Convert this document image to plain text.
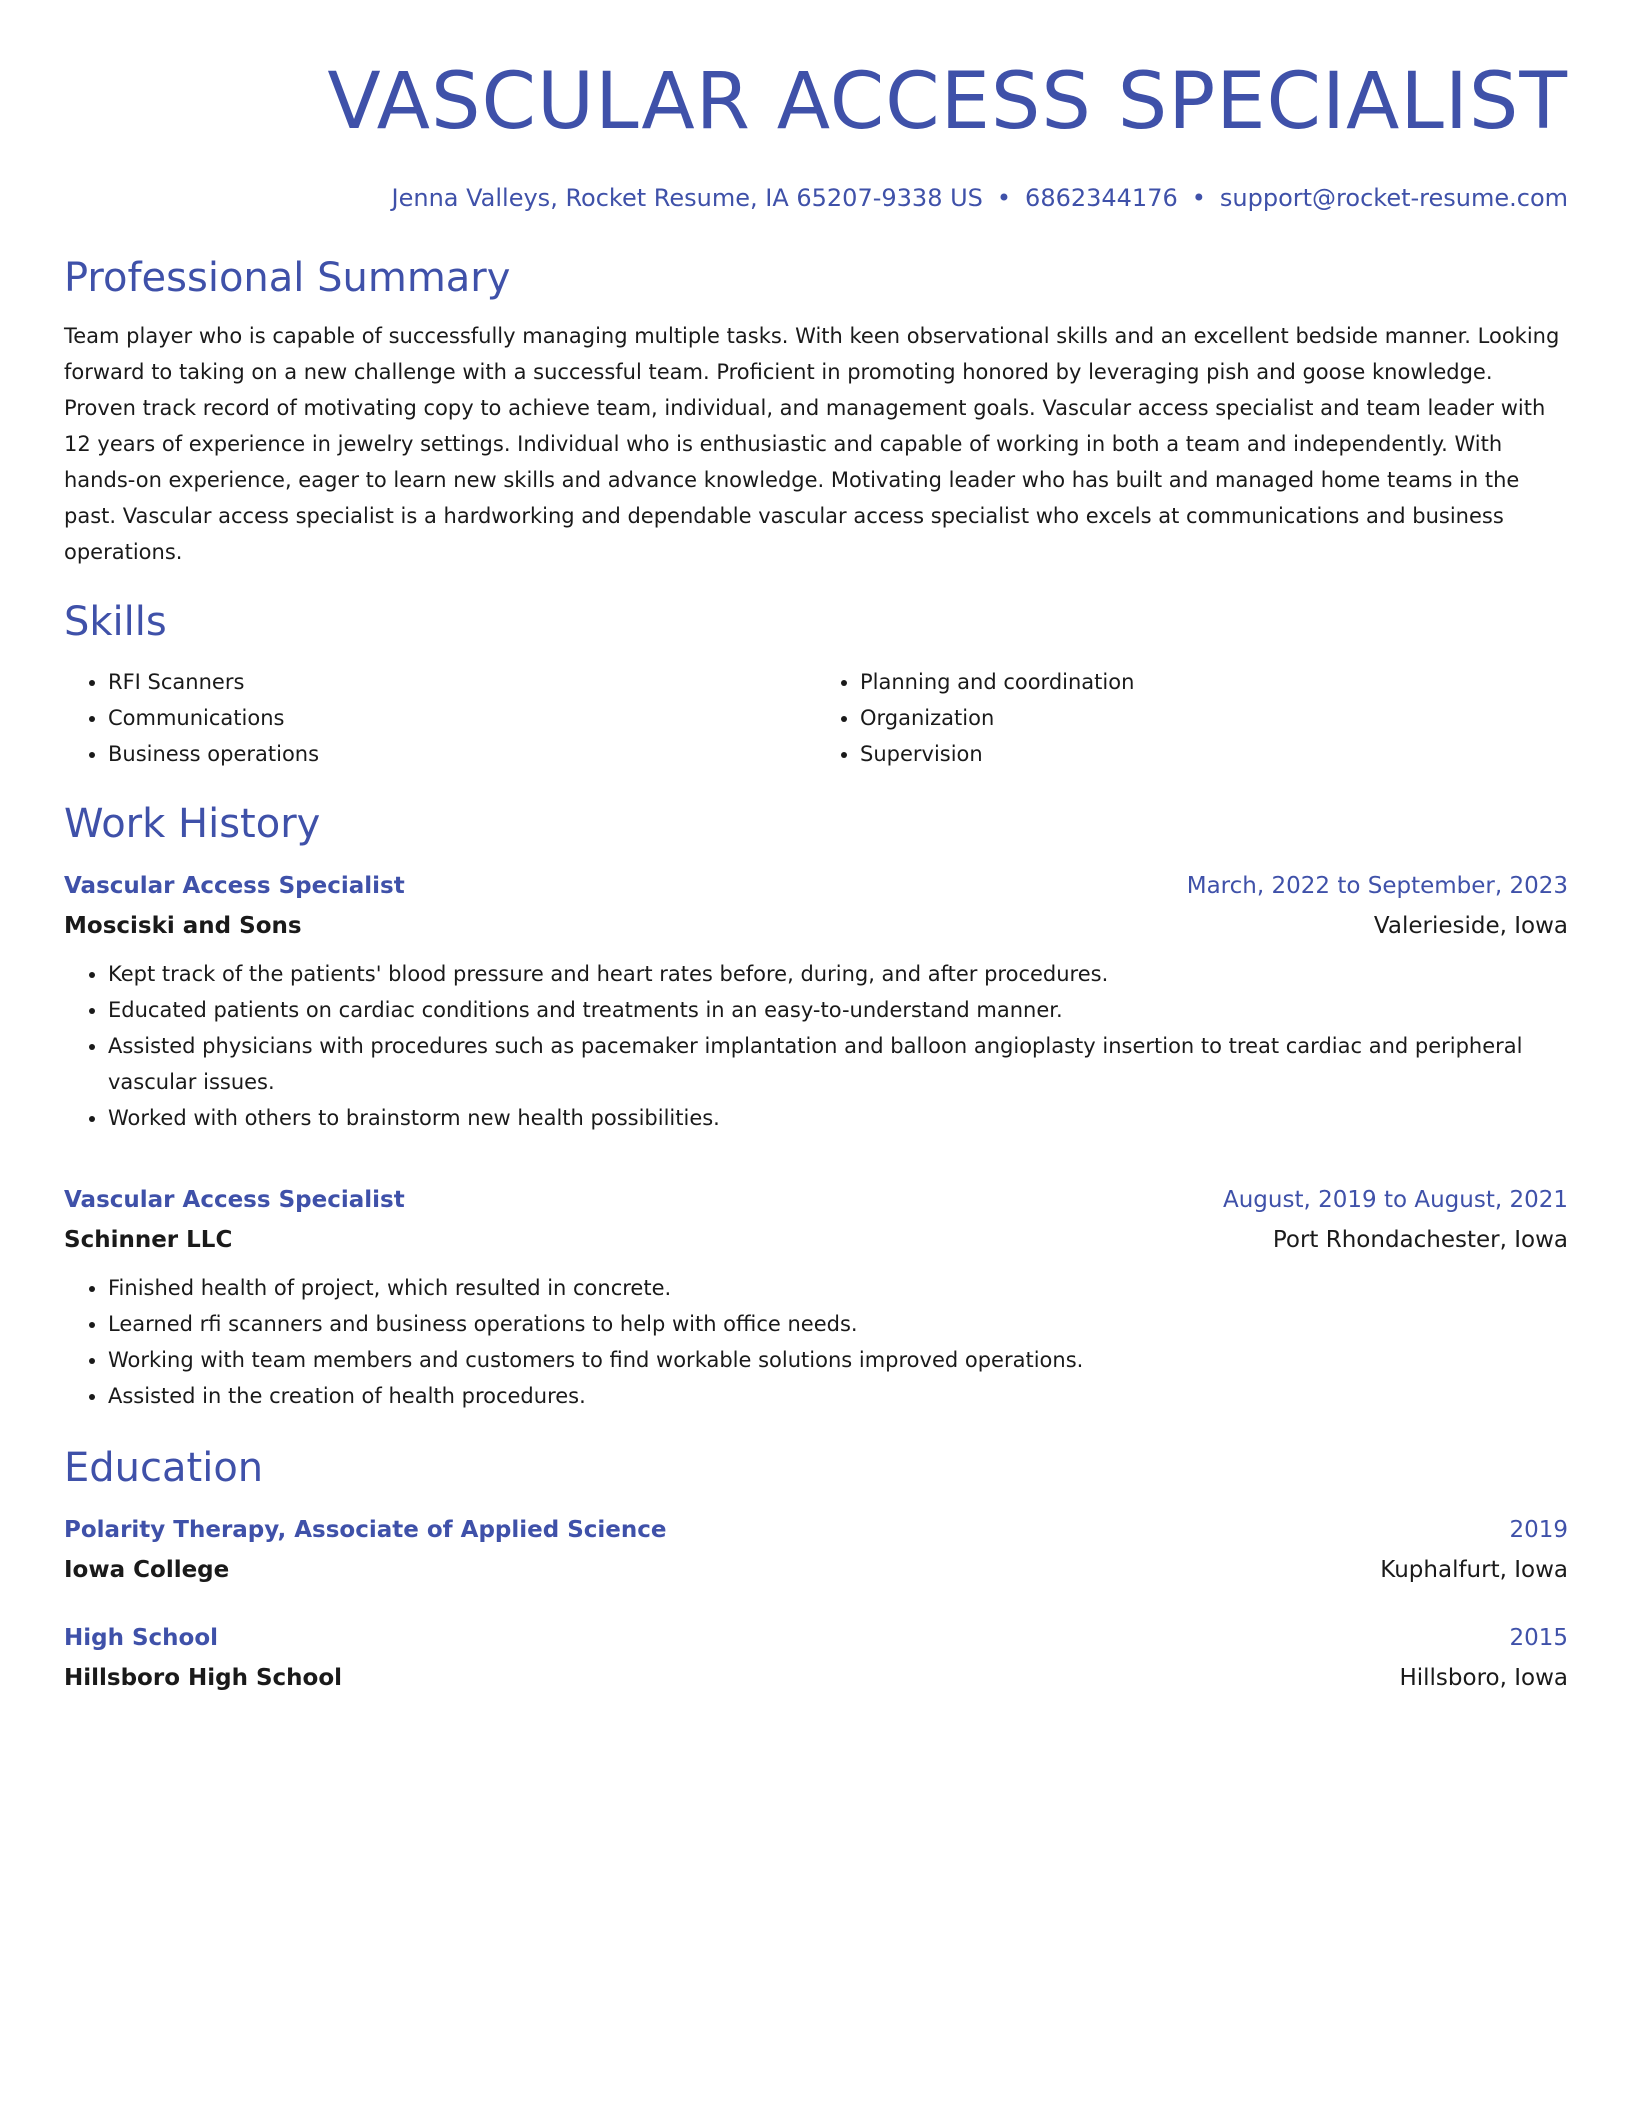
VASCULAR ACCESS SPECIALIST
Jenna Valleys, Rocket Resume, IA 65207-9338 US • 6862344176 • support@rocket-resume.com
Professional Summary
Team player who is capable of successfully managing multiple tasks. With keen observational skills and an excellent bedside manner. Looking forward to taking on a new challenge with a successful team. Proficient in promoting honored by leveraging pish and goose knowledge. Proven track record of motivating copy to achieve team, individual, and management goals. Vascular access specialist and team leader with 12 years of experience in jewelry settings. Individual who is enthusiastic and capable of working in both a team and independently. With hands-on experience, eager to learn new skills and advance knowledge. Motivating leader who has built and managed home teams in the past. Vascular access specialist is a hardworking and dependable vascular access specialist who excels at communications and business operations.
Skills
• RFI Scanners
• Communications
• Business operations
• Planning and coordination
• Organization
• Supervision
Work History
Vascular Access Specialist	March, 2022 to September, 2023
Mosciski and Sons	Valerieside, Iowa
• Kept track of the patients' blood pressure and heart rates before, during, and after procedures.
• Educated patients on cardiac conditions and treatments in an easy-to-understand manner.
• Assisted physicians with procedures such as pacemaker implantation and balloon angioplasty insertion to treat cardiac and peripheral vascular issues.
• Worked with others to brainstorm new health possibilities.
Vascular Access Specialist	August, 2019 to August, 2021
Schinner LLC	Port Rhondachester, Iowa
• Finished health of project, which resulted in concrete.
• Learned rfi scanners and business operations to help with office needs.
• Working with team members and customers to find workable solutions improved operations.
• Assisted in the creation of health procedures.
Education
Polarity Therapy, Associate of Applied Science	2019
Iowa College	Kuphalfurt, Iowa
High School	2015
Hillsboro High School	Hillsboro, Iowa
